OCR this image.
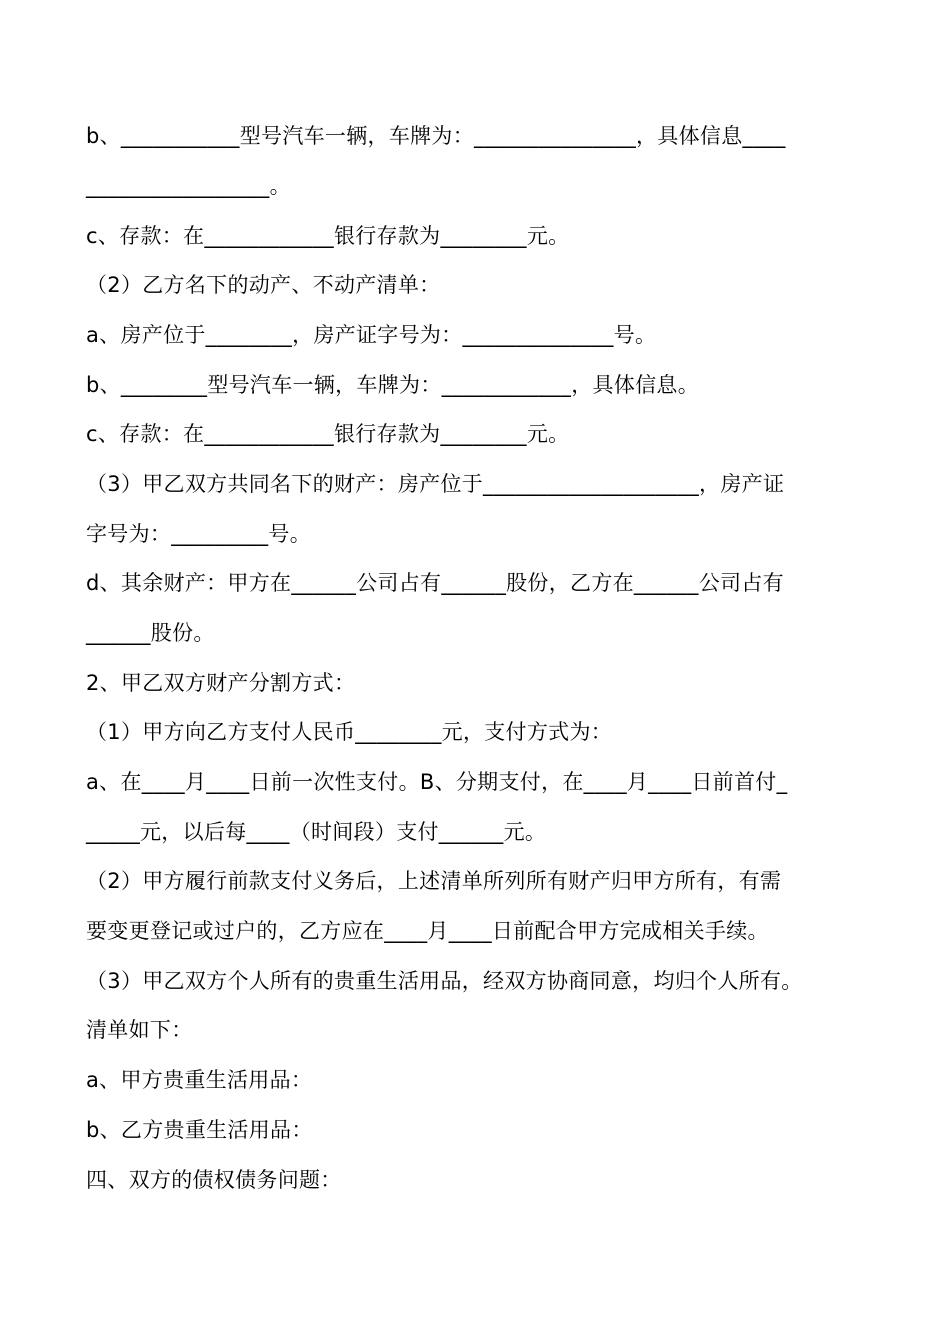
b、___________型号汽车一辆，车牌为：_______________，具体信息____
_________________。
c、存款：在____________银行存款为________元。
（2）乙方名下的动产、不动产清单：
a、房产位于________，房产证字号为：______________号。
b、________型号汽车一辆，车牌为：____________，具体信息。
c、存款：在____________银行存款为________元。
（3）甲乙双方共同名下的财产：房产位于____________________，房产证
字号为：_________号。
d、其余财产：甲方在______公司占有______股份，乙方在______公司占有
______股份。
2、甲乙双方财产分割方式：
（1）甲方向乙方支付人民币________元，支付方式为：
a、在____月____日前一次性支付。B、分期支付，在____月____日前首付_
_____元，以后每____（时间段）支付______元。
（2）甲方履行前款支付义务后，上述清单所列所有财产归甲方所有，有需
要变更登记或过户的，乙方应在____月____日前配合甲方完成相关手续。
（3）甲乙双方个人所有的贵重生活用品，经双方协商同意，均归个人所有。
清单如下：
a、甲方贵重生活用品：
b、乙方贵重生活用品：
四、双方的债权债务问题：
